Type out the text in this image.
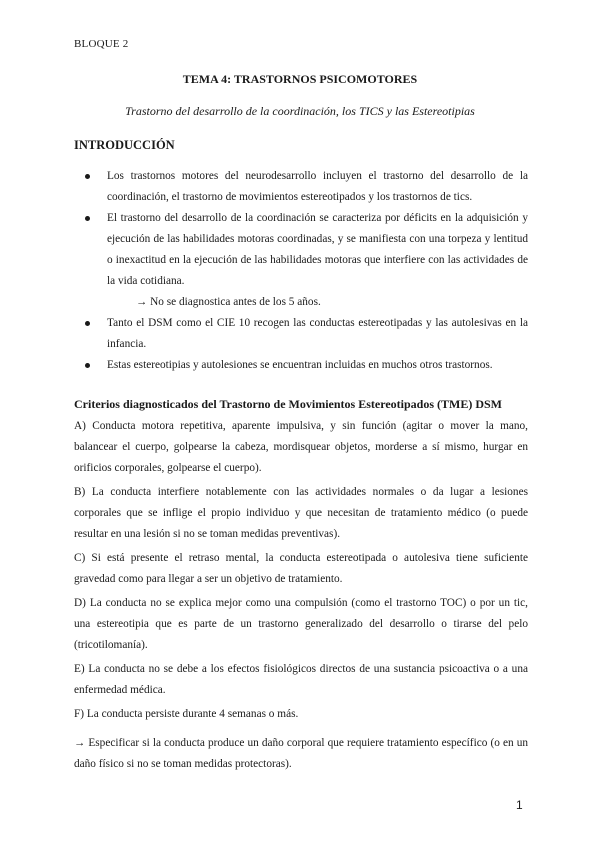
BLOQUE 2
TEMA 4: TRASTORNOS PSICOMOTORES
Trastorno del desarrollo de la coordinación, los TICS y las Estereotipias
INTRODUCCIÓN
Los trastornos motores del neurodesarrollo incluyen el trastorno del desarrollo de la coordinación, el trastorno de movimientos estereotipados y los trastornos de tics.
El trastorno del desarrollo de la coordinación se caracteriza por déficits en la adquisición y ejecución de las habilidades motoras coordinadas, y se manifiesta con una torpeza y lentitud o inexactitud en la ejecución de las habilidades motoras que interfiere con las actividades de la vida cotidiana.
→ No se diagnostica antes de los 5 años.
Tanto el DSM como el CIE 10 recogen las conductas estereotipadas y las autolesivas en la infancia.
Estas estereotipias y autolesiones se encuentran incluidas en muchos otros trastornos.
Criterios diagnosticados del Trastorno de Movimientos Estereotipados (TME) DSM

A) Conducta motora repetitiva, aparente impulsiva, y sin función (agitar o mover la mano, balancear el cuerpo, golpearse la cabeza, mordisquear objetos, morderse a sí mismo, hurgar en orificios corporales, golpearse el cuerpo).

B) La conducta interfiere notablemente con las actividades normales o da lugar a lesiones corporales que se inflige el propio individuo y que necesitan de tratamiento médico (o puede resultar en una lesión si no se toman medidas preventivas).

C) Si está presente el retraso mental, la conducta estereotipada o autolesiva tiene suficiente gravedad como para llegar a ser un objetivo de tratamiento.

D) La conducta no se explica mejor como una compulsión (como el trastorno TOC) o por un tic, una estereotipia que es parte de un trastorno generalizado del desarrollo o tirarse del pelo (tricotilomanía).

E) La conducta no se debe a los efectos fisiológicos directos de una sustancia psicoactiva o a una enfermedad médica.

F) La conducta persiste durante 4 semanas o más.

→ Especificar si la conducta produce un daño corporal que requiere tratamiento específico (o en un daño físico si no se toman medidas protectoras).
1
